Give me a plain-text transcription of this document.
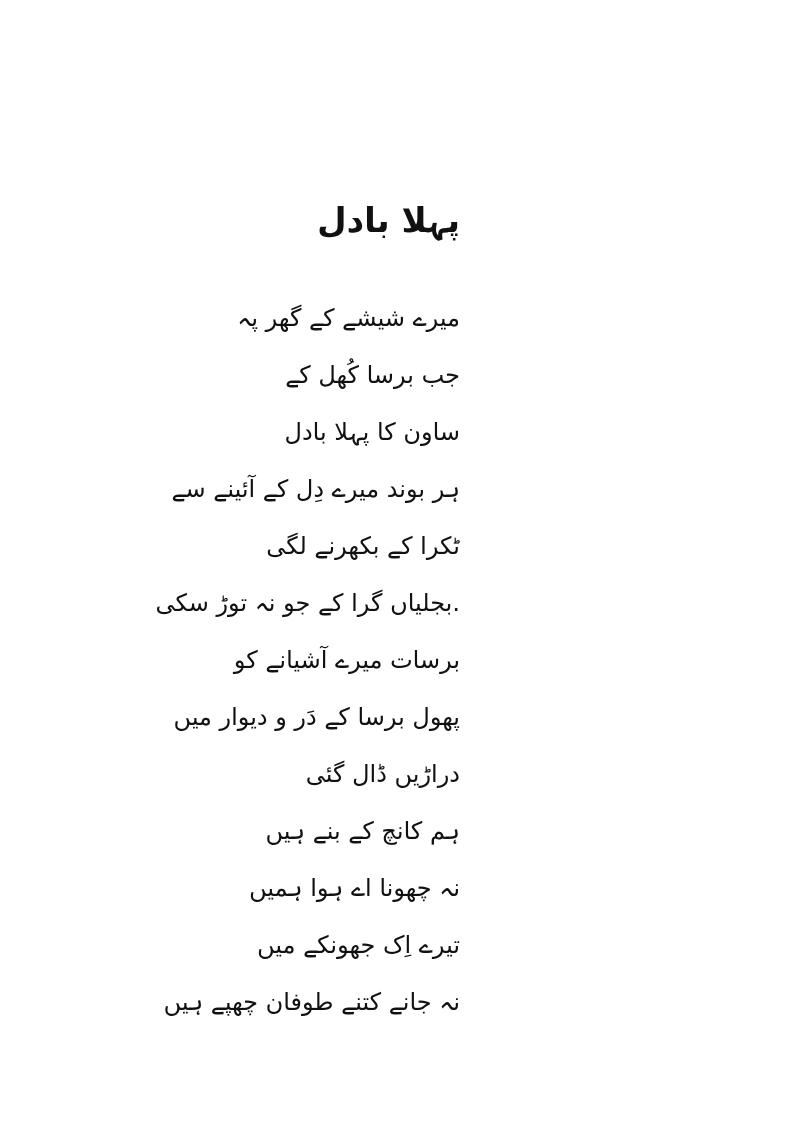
پہلا بادل
میرے شیشے کے گھر پہ
جب برسا کُھل کے
ساون کا پہلا بادل
ہر بوند میرے دِل کے آئینے سے
ٹکرا کے بکھرنے لگی
.بجلیاں گرا کے جو نہ توڑ سکی
برسات میرے آشیانے کو
پھول برسا کے دَر و دیوار میں
دراڑیں ڈال گئی
ہم کانچ کے بنے ہیں
نہ چھونا اے ہوا ہمیں
تیرے اِک جھونکے میں
نہ جانے کتنے طوفان چھپے ہیں
